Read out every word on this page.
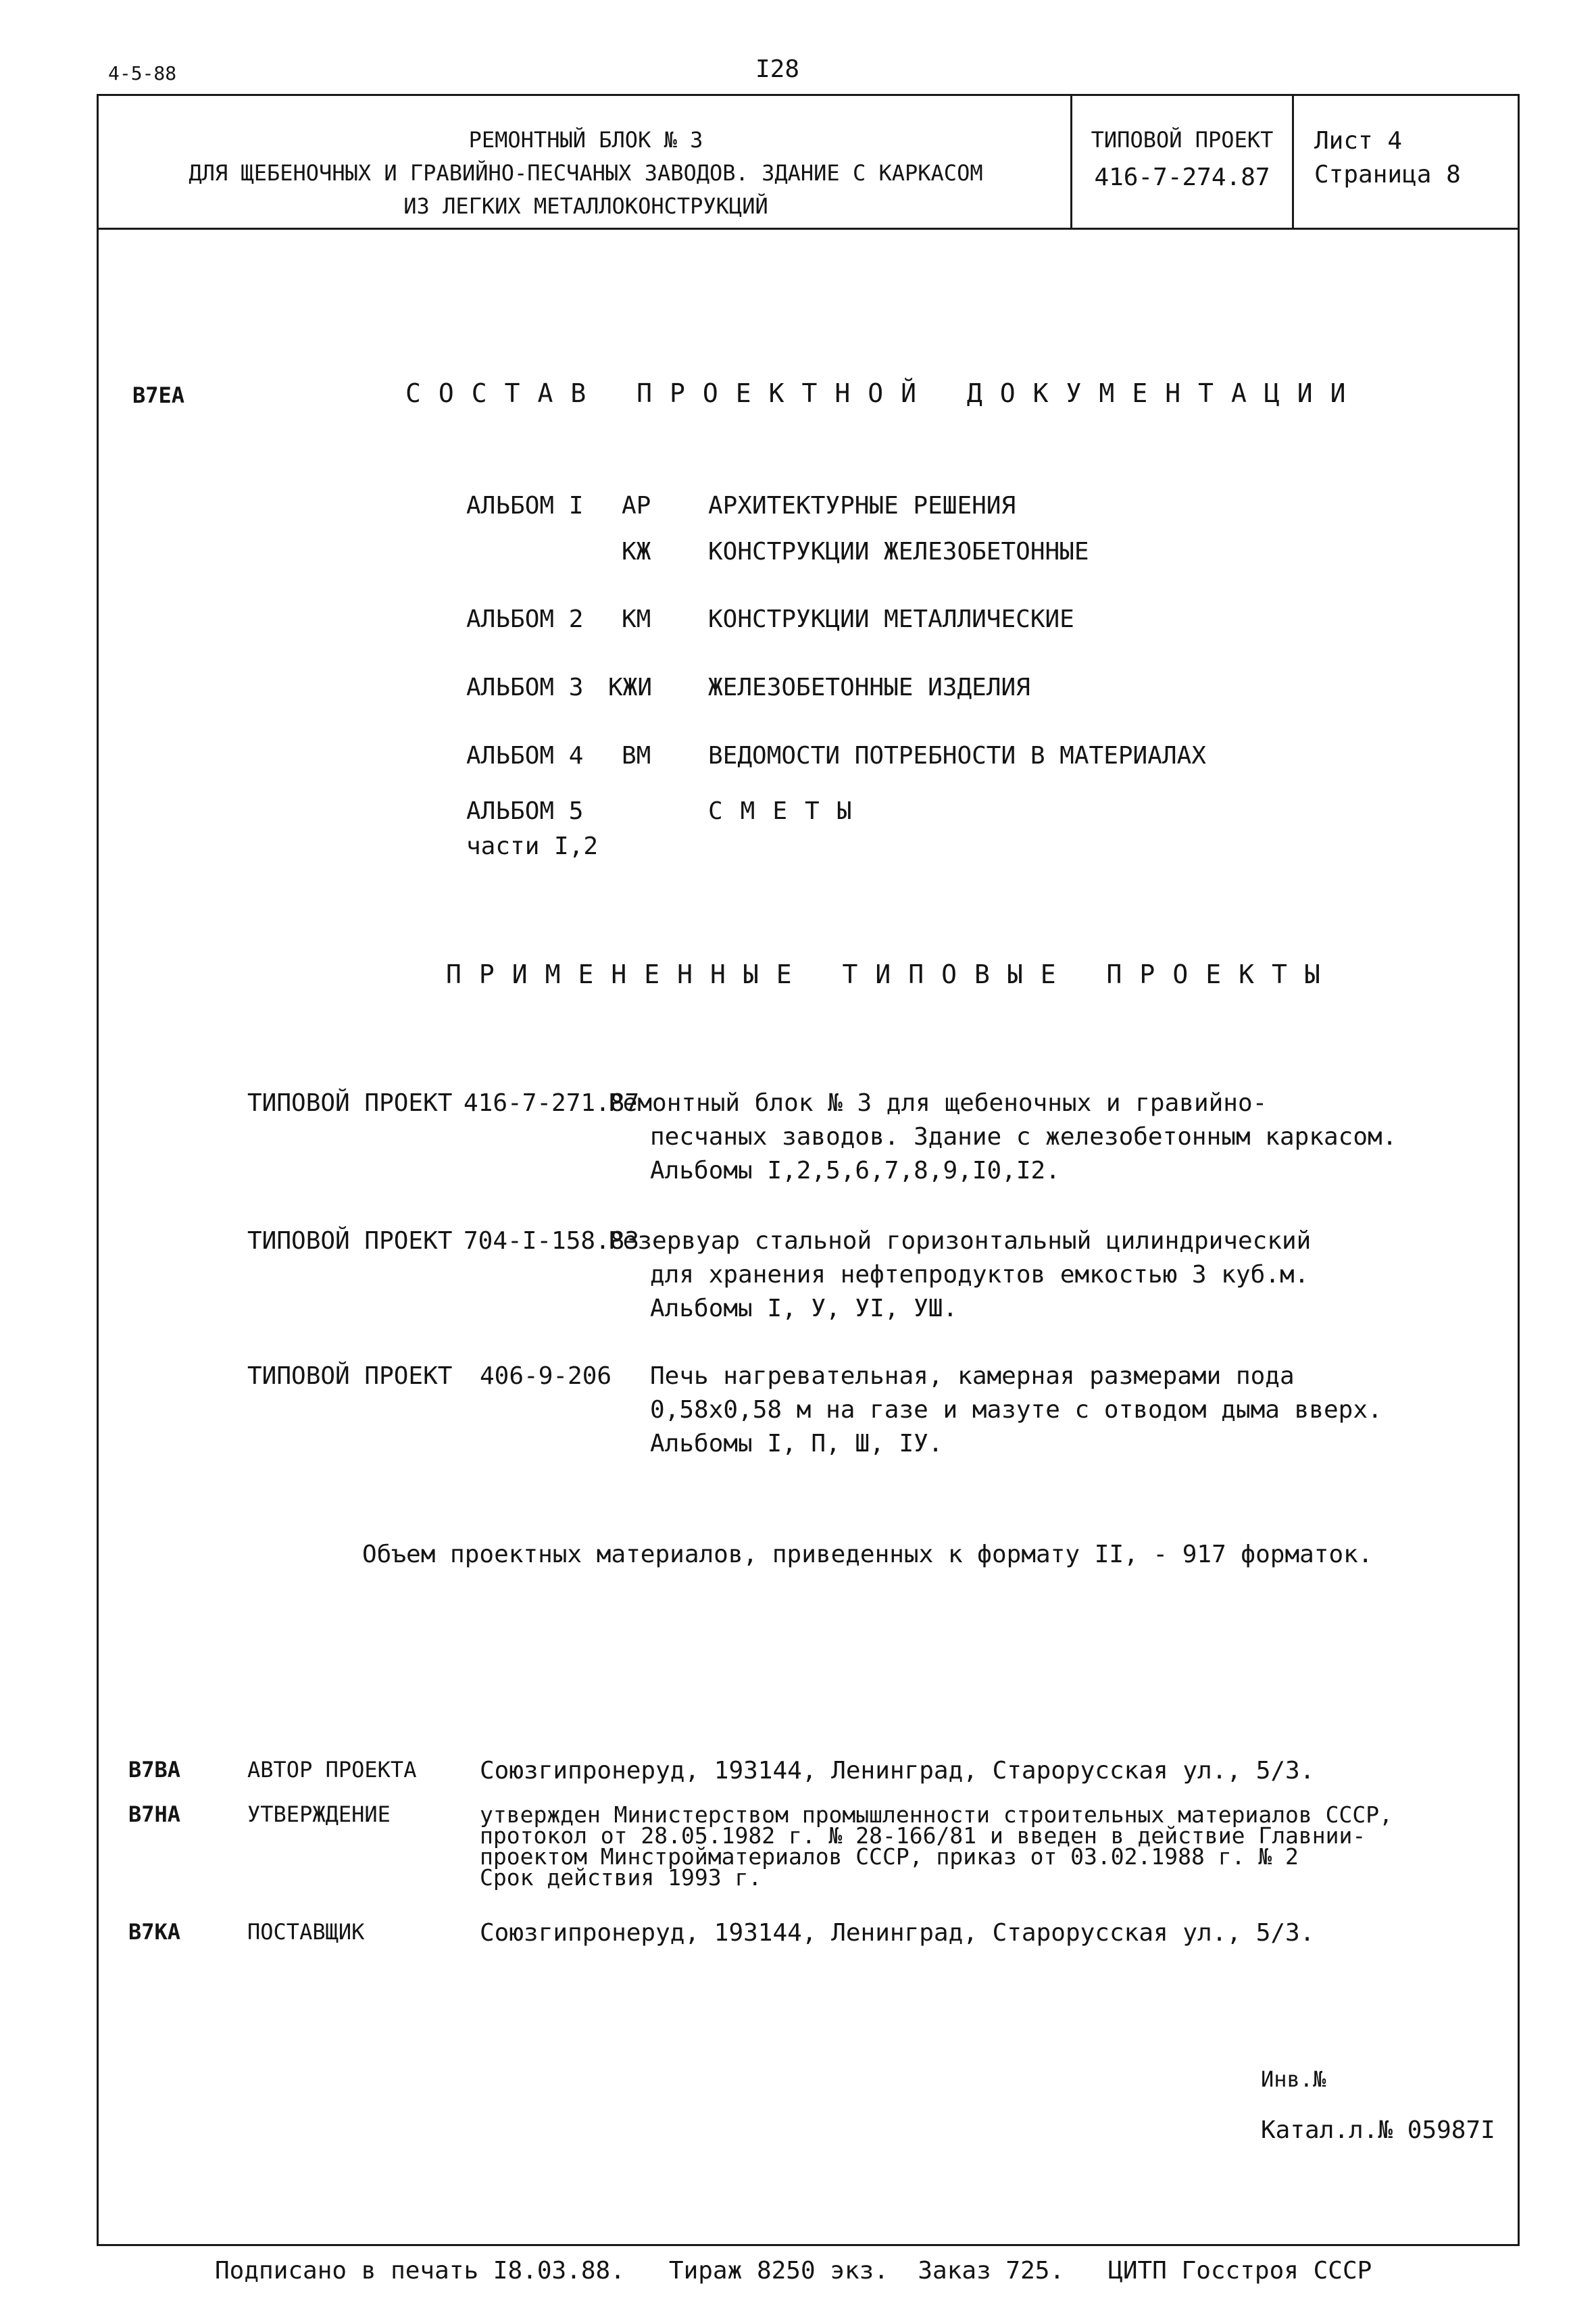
4-5-88	I28
РЕМОНТНЫЙ БЛОК № 3
ДЛЯ ЩЕБЕНОЧНЫХ И ГРАВИЙНО-ПЕСЧАНЫХ ЗАВОДОВ. ЗДАНИЕ С КАРКАСОМ
ИЗ ЛЕГКИХ МЕТАЛЛОКОНСТРУКЦИЙ
ТИПОВОЙ ПРОЕКТ
416-7-274.87
Лист 4
Страница 8
В7ЕА	СОСТАВ ПРОЕКТНОЙ ДОКУМЕНТАЦИИ
АЛЬБОМ I АР АРХИТЕКТУРНЫЕ РЕШЕНИЯ
КЖ КОНСТРУКЦИИ ЖЕЛЕЗОБЕТОННЫЕ
АЛЬБОМ 2 КМ КОНСТРУКЦИИ МЕТАЛЛИЧЕСКИЕ
АЛЬБОМ 3 КЖИ ЖЕЛЕЗОБЕТОННЫЕ ИЗДЕЛИЯ
АЛЬБОМ 4 ВМ ВЕДОМОСТИ ПОТРЕБНОСТИ В МАТЕРИАЛАХ
АЛЬБОМ 5	СМЕТЫ
части I,2
ПРИМЕНЕННЫЕ ТИПОВЫЕ ПРОЕКТЫ
ТИПОВОЙ ПРОЕКТ 416-7-271.87
Ремонтный блок № 3 для щебеночных и гравийно-
песчаных заводов. Здание с железобетонным каркасом.
Альбомы I,2,5,6,7,8,9,I0,I2.
ТИПОВОЙ ПРОЕКТ 704-I-158.83
Резервуар стальной горизонтальный цилиндрический
для хранения нефтепродуктов емкостью 3 куб.м.
Альбомы I, У, УI, УШ.
ТИПОВОЙ ПРОЕКТ 406-9-206 Печь нагревательная, камерная размерами пода
0,58х0,58 м на газе и мазуте с отводом дыма вверх.
Альбомы I, П, Ш, IУ.
Объем проектных материалов, приведенных к формату II, - 917 форматок.
В7ВА	АВТОР ПРОЕКТА	Союзгипронеруд, 193144, Ленинград, Старорусская ул., 5/3.
В7НА	УТВЕРЖДЕНИЕ	утвержден Министерством промышленности строительных материалов СССР,
протокол от 28.05.1982 г. № 28-166/81 и введен в действие Главнии-
проектом Минстройматериалов СССР, приказ от 03.02.1988 г. № 2
Срок действия 1993 г.
В7КА	ПОСТАВЩИК	Союзгипронеруд, 193144, Ленинград, Старорусская ул., 5/3.
Инв.№
Катал.л.№ 05987I
Подписано в печать I8.03.88. Тираж 8250 экз. Заказ 725. ЦИТП Госстроя СССР
